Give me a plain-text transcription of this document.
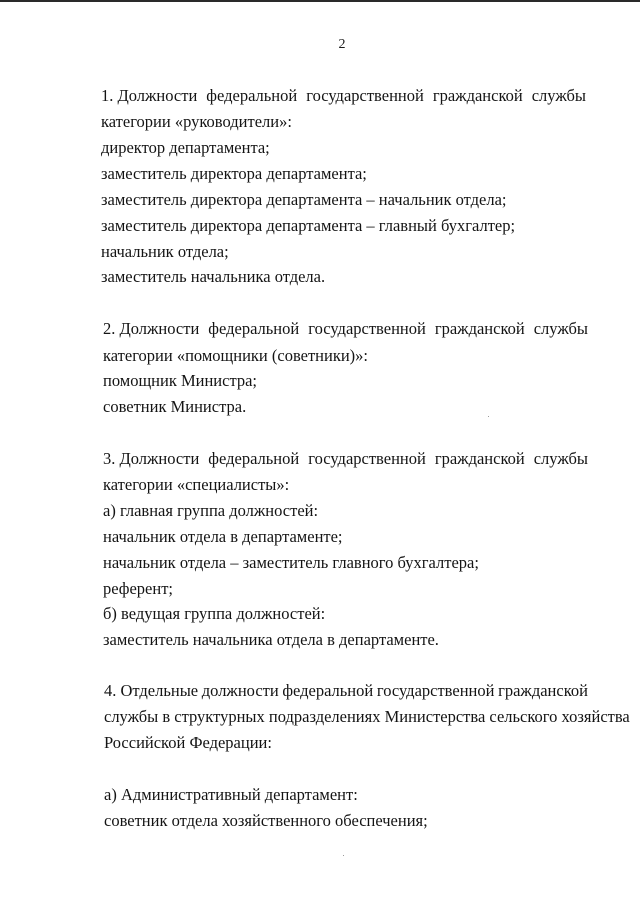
2
1. Должности федеральной государственной гражданской службы
категории «руководители»:
директор департамента;
заместитель директора департамента;
заместитель директора департамента – начальник отдела;
заместитель директора департамента – главный бухгалтер;
начальник отдела;
заместитель начальника отдела.
2. Должности федеральной государственной гражданской службы
категории «помощники (советники)»:
помощник Министра;
советник Министра.
3. Должности федеральной государственной гражданской службы
категории «специалисты»:
а) главная группа должностей:
начальник отдела в департаменте;
начальник отдела – заместитель главного бухгалтера;
референт;
б) ведущая группа должностей:
заместитель начальника отдела в департаменте.
4. Отдельные должности федеральной государственной гражданской
службы в структурных подразделениях Министерства сельского хозяйства
Российской Федерации:
а) Административный департамент:
советник отдела хозяйственного обеспечения;
